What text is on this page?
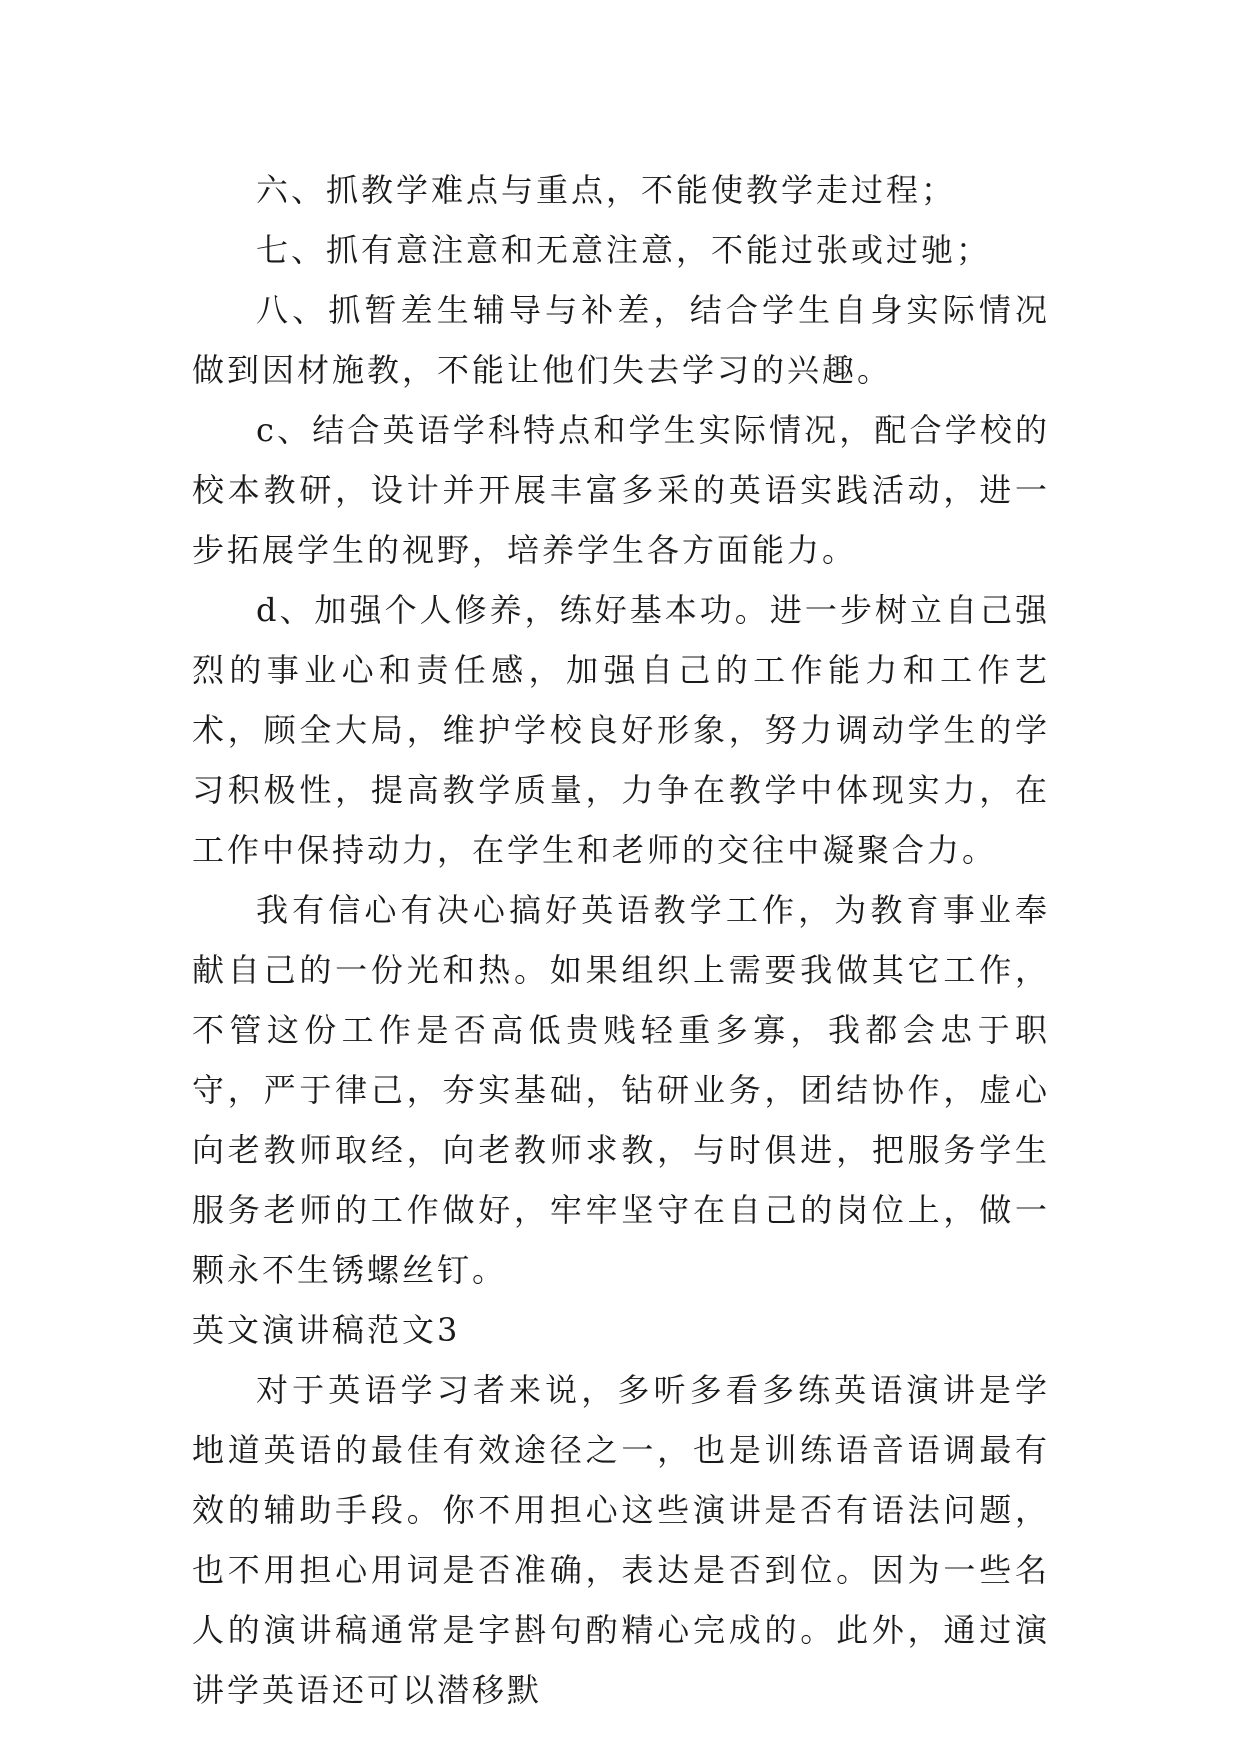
六、抓教学难点与重点，不能使教学走过程；

七、抓有意注意和无意注意，不能过张或过驰；

八、抓暂差生辅导与补差，结合学生自身实际情况做到因材施教，不能让他们失去学习的兴趣。

c、结合英语学科特点和学生实际情况，配合学校的校本教研，设计并开展丰富多采的英语实践活动，进一步拓展学生的视野，培养学生各方面能力。

d、加强个人修养，练好基本功。进一步树立自己强烈的事业心和责任感，加强自己的工作能力和工作艺术，顾全大局，维护学校良好形象，努力调动学生的学习积极性，提高教学质量，力争在教学中体现实力，在工作中保持动力，在学生和老师的交往中凝聚合力。

我有信心有决心搞好英语教学工作，为教育事业奉献自己的一份光和热。如果组织上需要我做其它工作，不管这份工作是否高低贵贱轻重多寡，我都会忠于职守，严于律己，夯实基础，钻研业务，团结协作，虚心向老教师取经，向老教师求教，与时俱进，把服务学生服务老师的工作做好，牢牢坚守在自己的岗位上，做一颗永不生锈螺丝钉。

英文演讲稿范文3

对于英语学习者来说，多听多看多练英语演讲是学地道英语的最佳有效途径之一，也是训练语音语调最有效的辅助手段。你不用担心这些演讲是否有语法问题，也不用担心用词是否准确，表达是否到位。因为一些名人的演讲稿通常是字斟句酌精心完成的。此外，通过演讲学英语还可以潜移默
